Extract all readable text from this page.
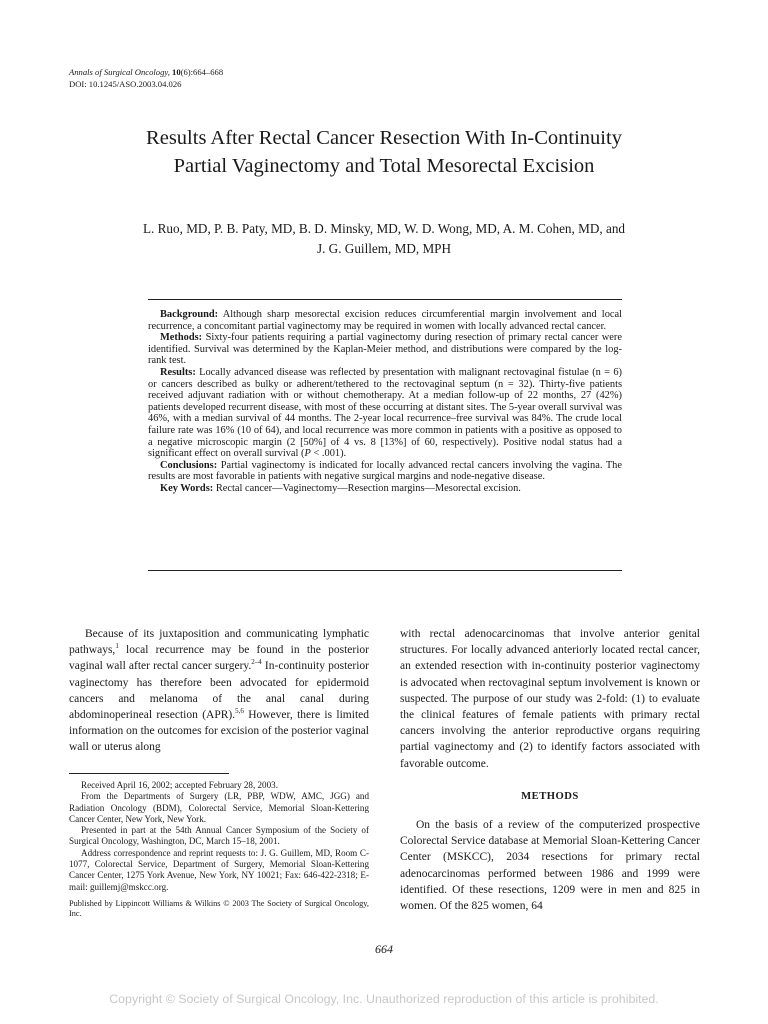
Annals of Surgical Oncology, 10(6):664–668
DOI: 10.1245/ASO.2003.04.026
Results After Rectal Cancer Resection With In-Continuity
Partial Vaginectomy and Total Mesorectal Excision
L. Ruo, MD, P. B. Paty, MD, B. D. Minsky, MD, W. D. Wong, MD, A. M. Cohen, MD, and
J. G. Guillem, MD, MPH

Background: Although sharp mesorectal excision reduces circumferential margin involvement and local recurrence, a concomitant partial vaginectomy may be required in women with locally advanced rectal cancer.

Methods: Sixty-four patients requiring a partial vaginectomy during resection of primary rectal cancer were identified. Survival was determined by the Kaplan-Meier method, and distributions were compared by the log-rank test.

Results: Locally advanced disease was reflected by presentation with malignant rectovaginal fistulae (n = 6) or cancers described as bulky or adherent/tethered to the rectovaginal septum (n = 32). Thirty-five patients received adjuvant radiation with or without chemotherapy. At a median follow-up of 22 months, 27 (42%) patients developed recurrent disease, with most of these occurring at distant sites. The 5-year overall survival was 46%, with a median survival of 44 months. The 2-year local recurrence–free survival was 84%. The crude local failure rate was 16% (10 of 64), and local recurrence was more common in patients with a positive as opposed to a negative microscopic margin (2 [50%] of 4 vs. 8 [13%] of 60, respectively). Positive nodal status had a significant effect on overall survival (P < .001).

Conclusions: Partial vaginectomy is indicated for locally advanced rectal cancers involving the vagina. The results are most favorable in patients with negative surgical margins and node-negative disease.

Key Words: Rectal cancer—Vaginectomy—Resection margins—Mesorectal excision.

Because of its juxtaposition and communicating lymphatic pathways,$^1$ local recurrence may be found in the posterior vaginal wall after rectal cancer surgery.$^{2-4}$ In-continuity posterior vaginectomy has therefore been advocated for epidermoid cancers and melanoma of the anal canal during abdominoperineal resection (APR).$^{5,6}$ However, there is limited information on the outcomes for excision of the posterior vaginal wall or uterus along

Received April 16, 2002; accepted February 28, 2003.

From the Departments of Surgery (LR, PBP, WDW, AMC, JGG) and Radiation Oncology (BDM), Colorectal Service, Memorial Sloan-Kettering Cancer Center, New York, New York.

Presented in part at the 54th Annual Cancer Symposium of the Society of Surgical Oncology, Washington, DC, March 15–18, 2001.

Address correspondence and reprint requests to: J. G. Guillem, MD, Room C-1077, Colorectal Service, Department of Surgery, Memorial Sloan-Kettering Cancer Center, 1275 York Avenue, New York, NY 10021; Fax: 646-422-2318; E-mail: guillemj@mskcc.org.

Published by Lippincott Williams & Wilkins © 2003 The Society of Surgical Oncology, Inc.

with rectal adenocarcinomas that involve anterior genital structures. For locally advanced anteriorly located rectal cancer, an extended resection with in-continuity posterior vaginectomy is advocated when rectovaginal septum involvement is known or suspected. The purpose of our study was 2-fold: (1) to evaluate the clinical features of female patients with primary rectal cancers involving the anterior reproductive organs requiring partial vaginectomy and (2) to identify factors associated with favorable outcome.

METHODS

On the basis of a review of the computerized prospective Colorectal Service database at Memorial Sloan-Kettering Cancer Center (MSKCC), 2034 resections for primary rectal adenocarcinomas performed between 1986 and 1999 were identified. Of these resections, 1209 were in men and 825 in women. Of the 825 women, 64

664
Copyright © Society of Surgical Oncology, Inc. Unauthorized reproduction of this article is prohibited.
